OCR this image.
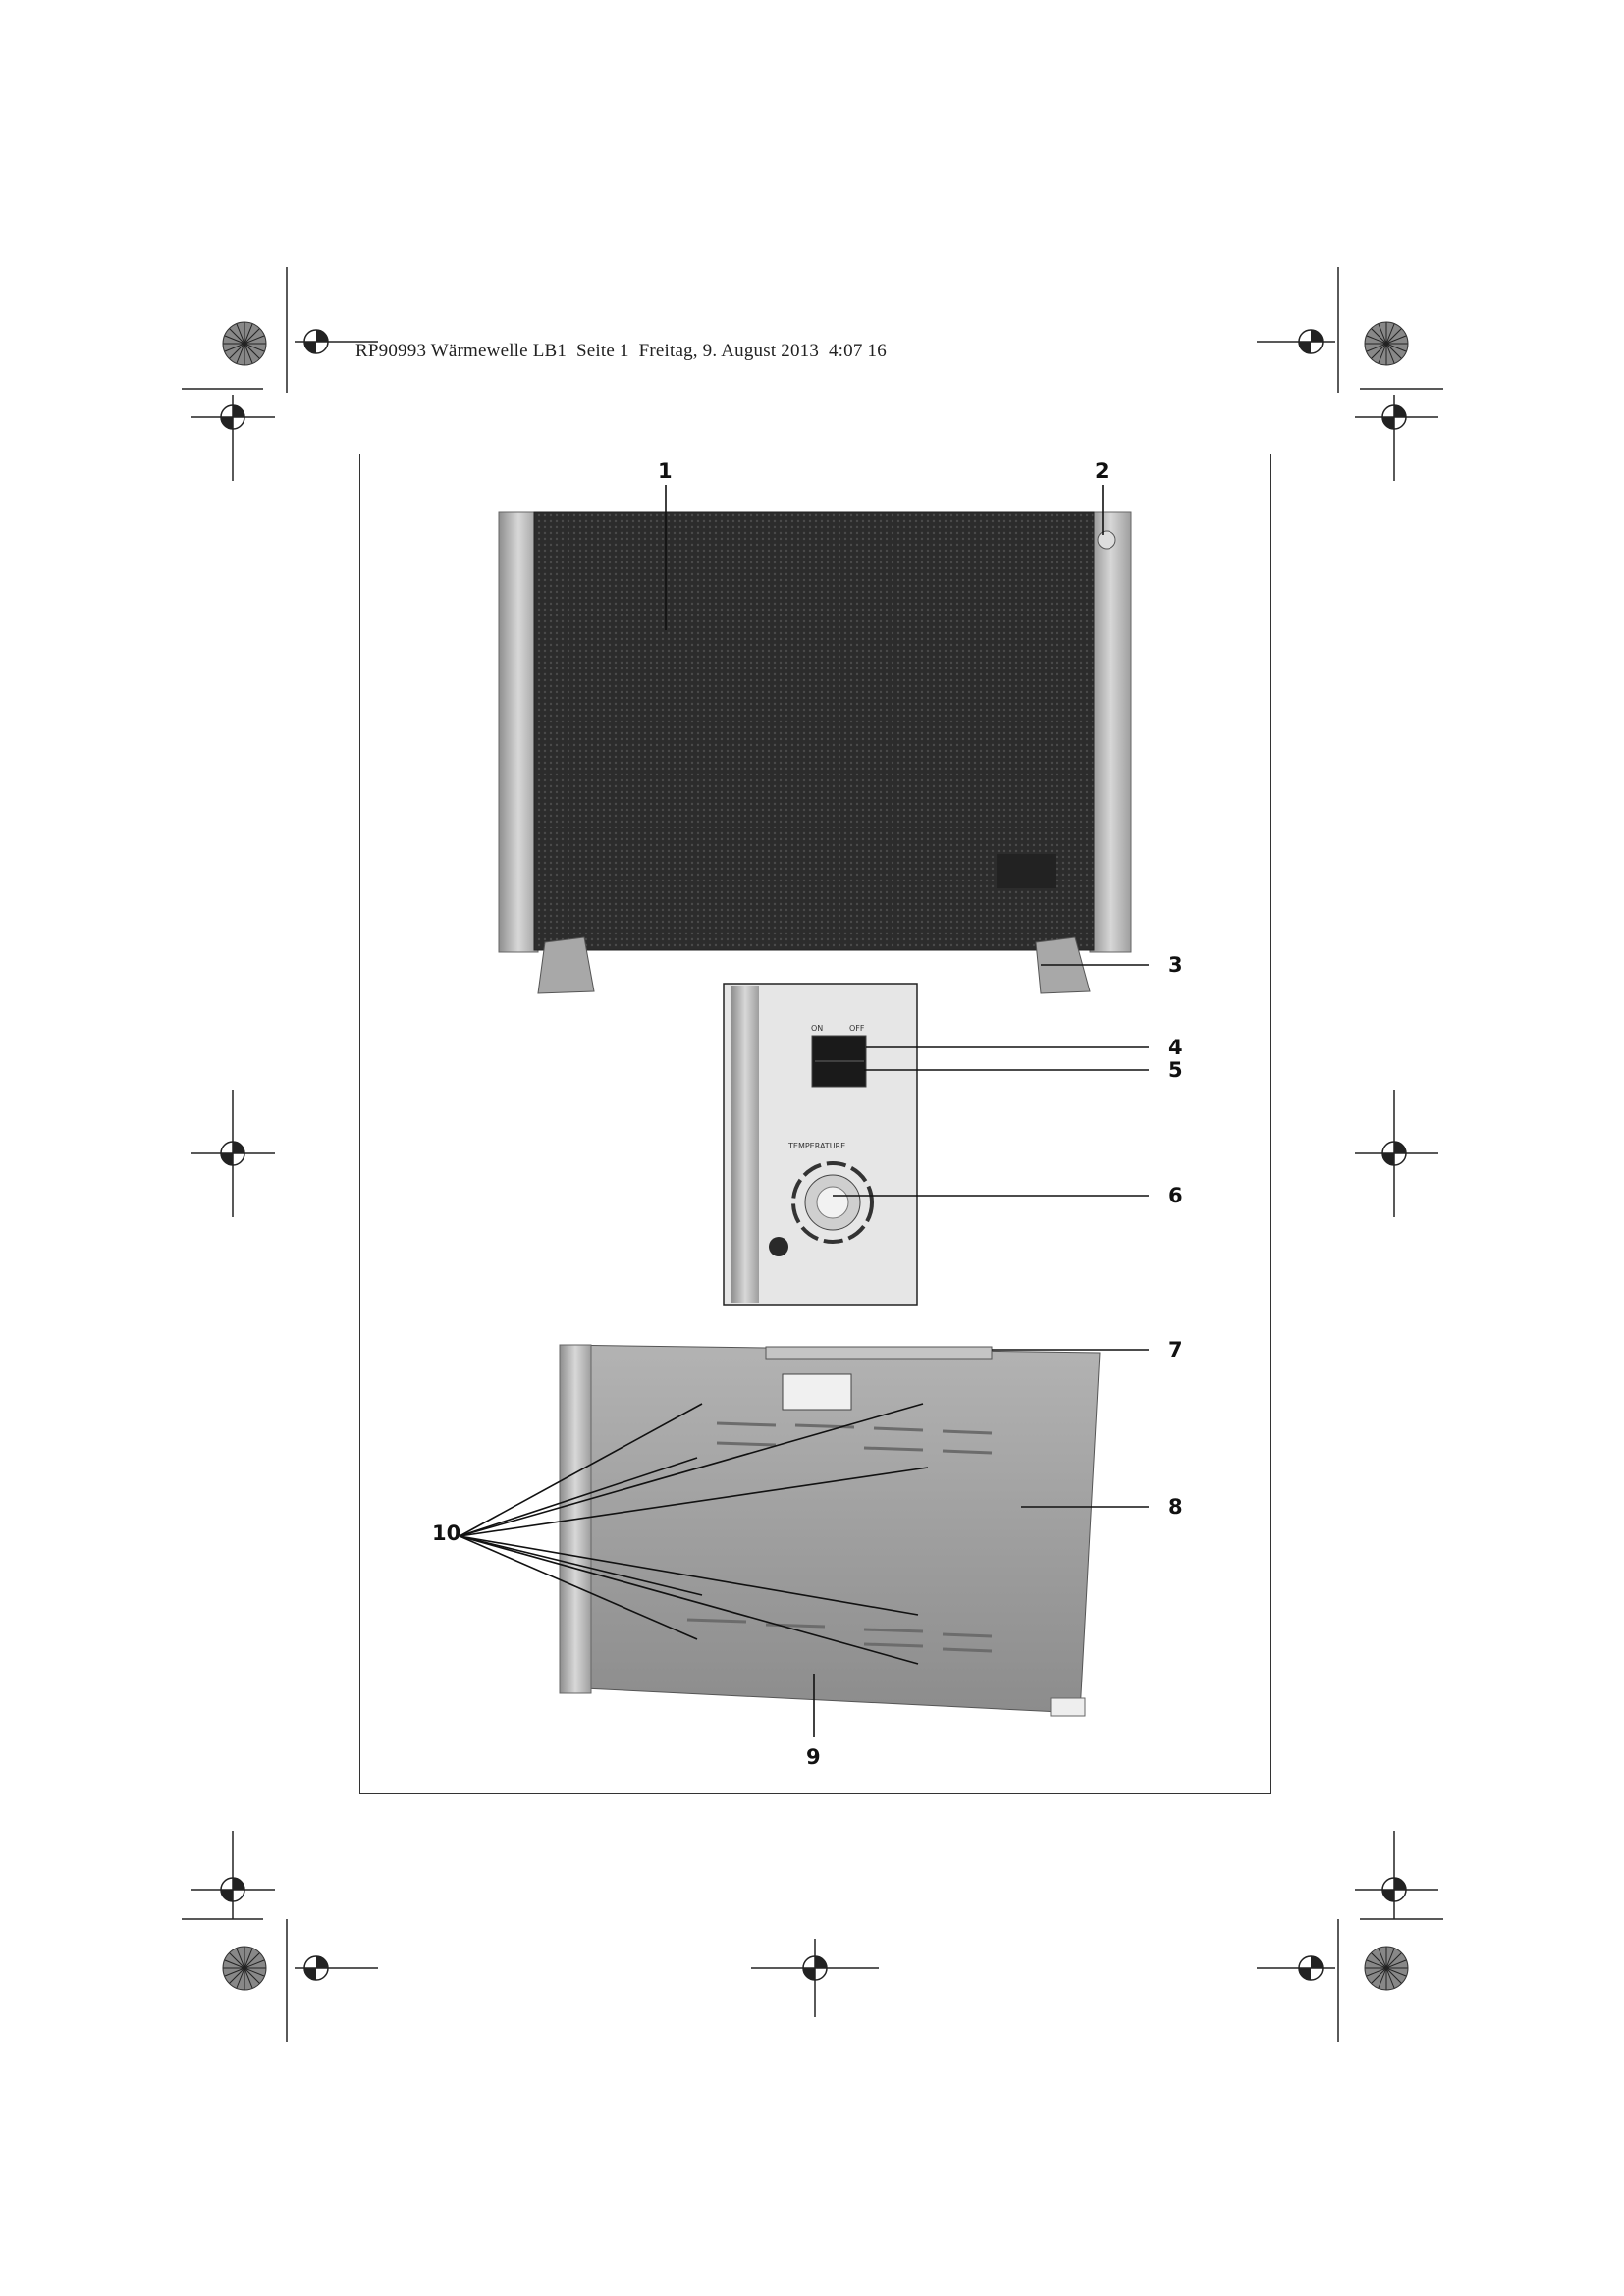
RP90993 Wärmewelle LB1  Seite 1  Freitag, 9. August 2013  4:07 16
ON	OFF
TEMPERATURE
1	2
3
4
5
6
7
8
9
10
